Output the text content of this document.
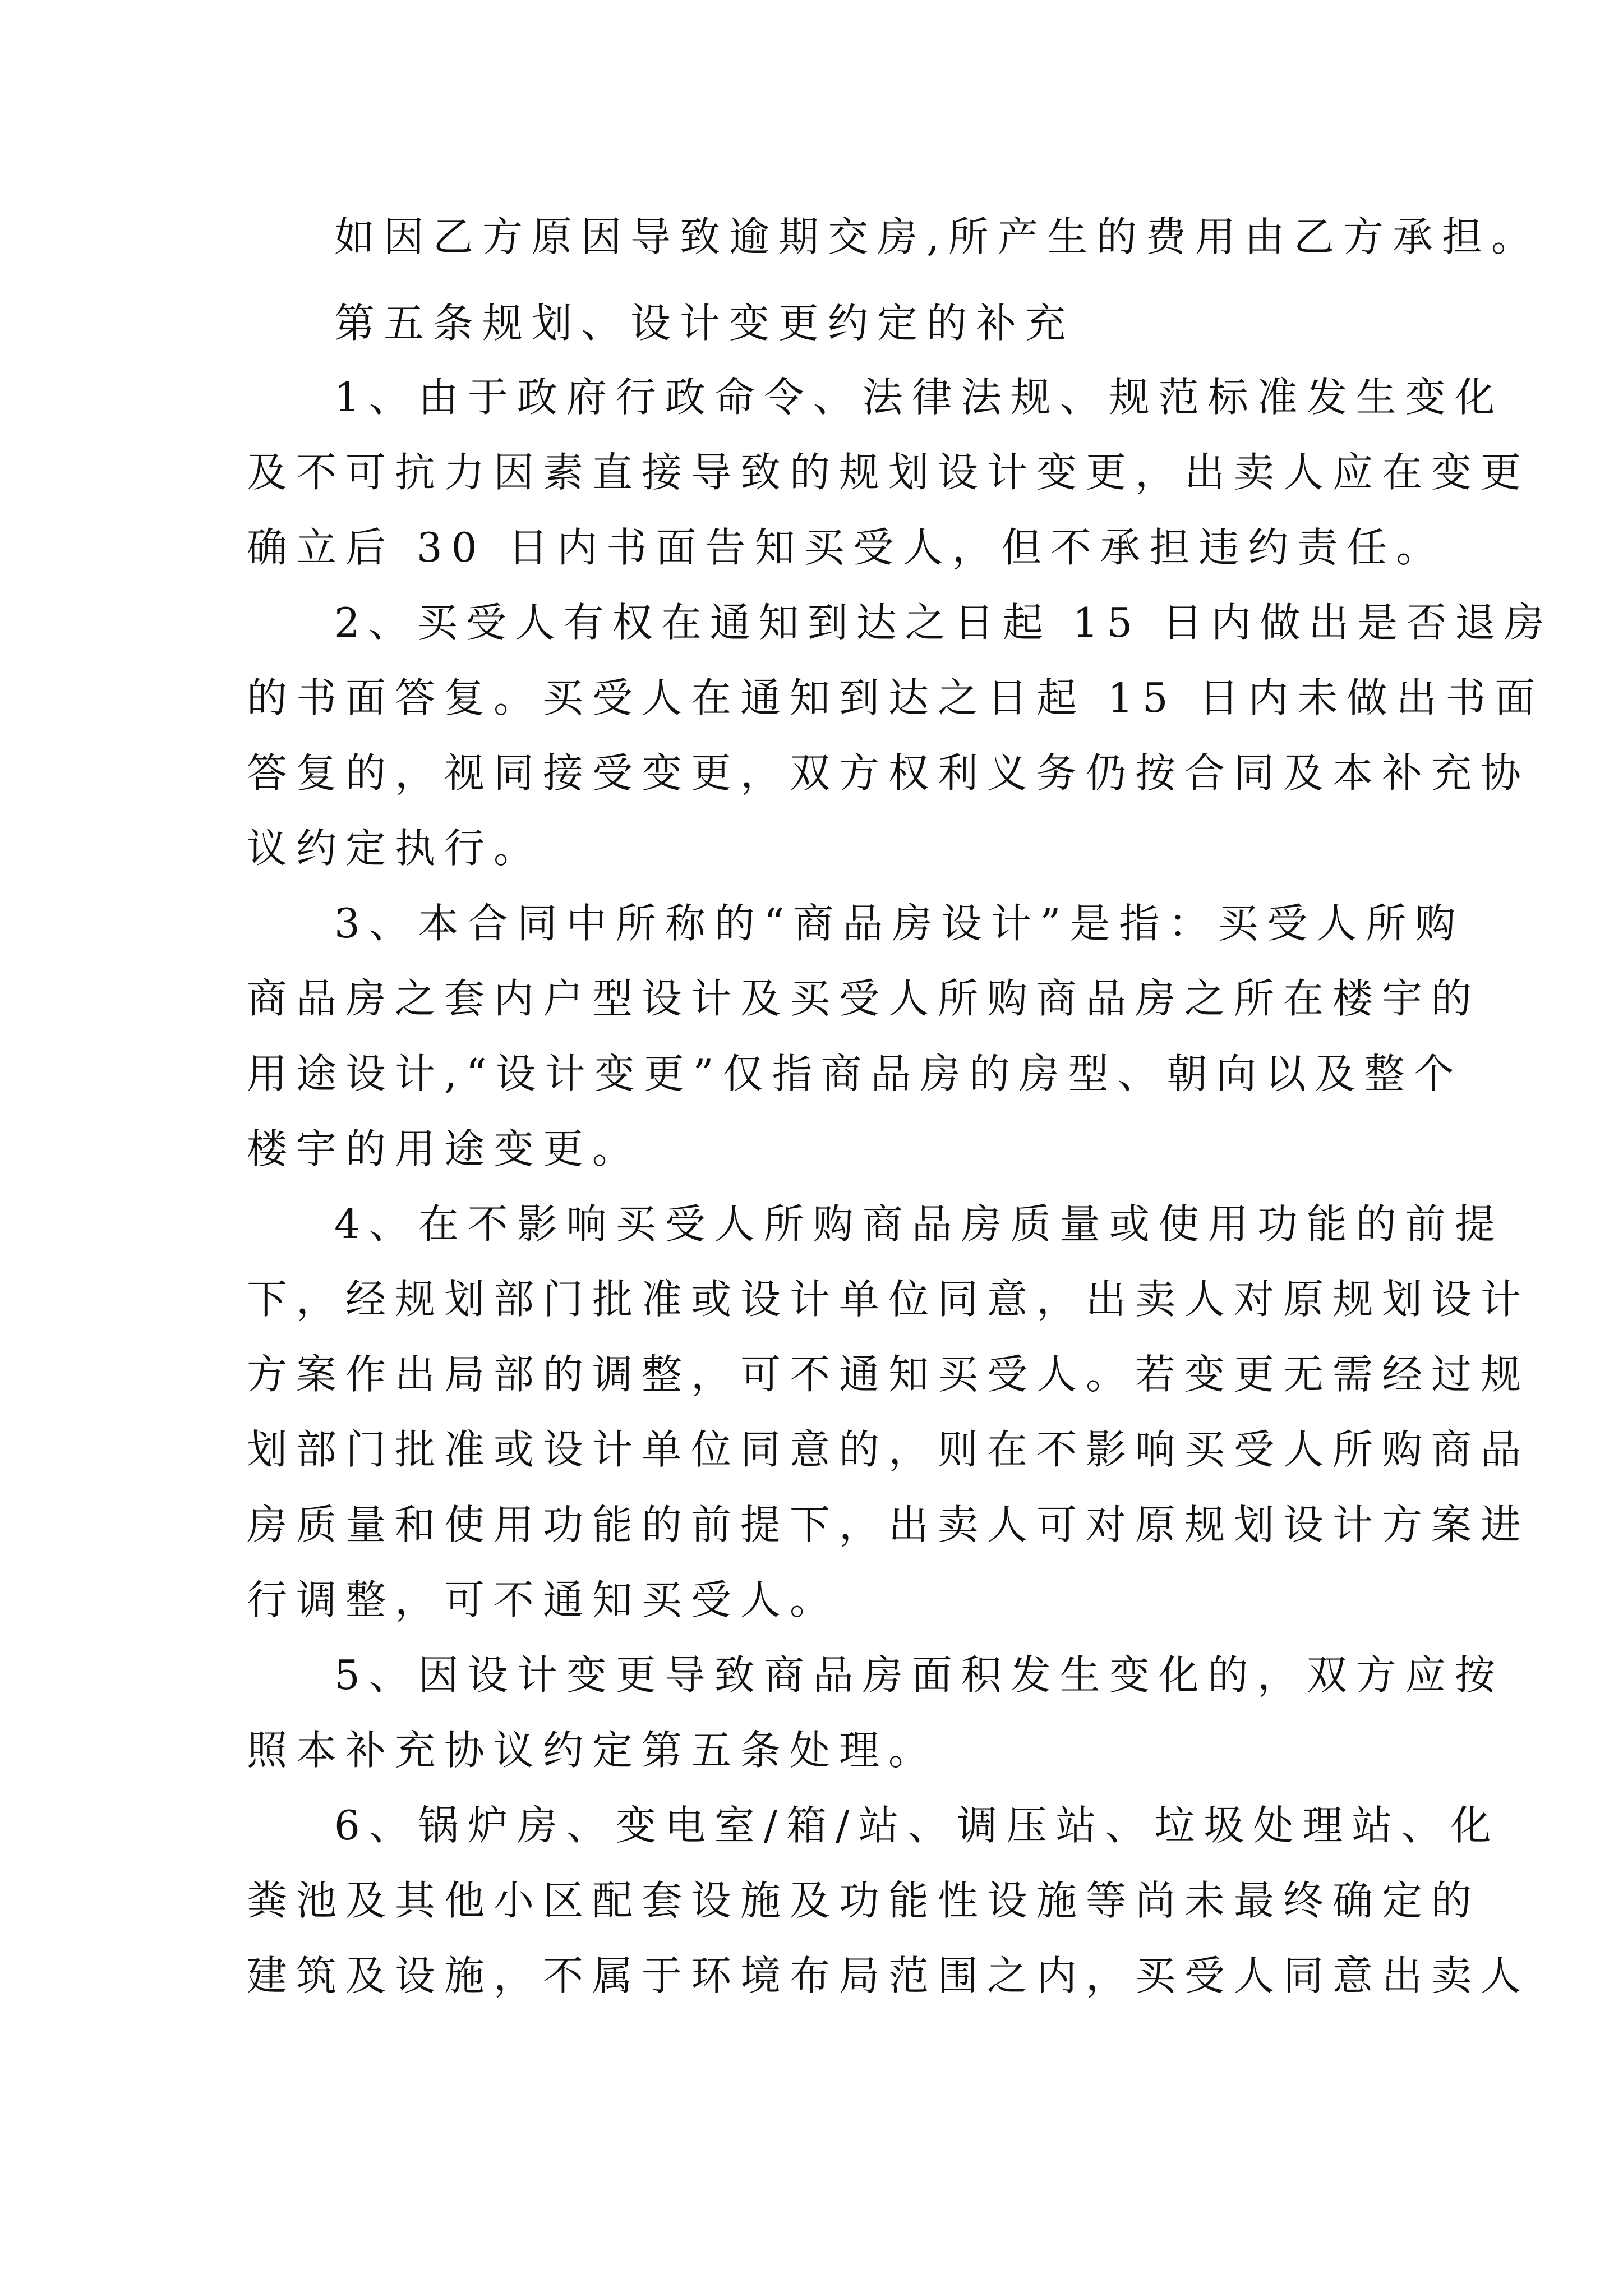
如因乙方原因导致逾期交房,所产生的费用由乙方承担。
第五条规划、设计变更约定的补充
1、由于政府行政命令、法律法规、规范标准发生变化
及不可抗力因素直接导致的规划设计变更，出卖人应在变更
确立后 30 日内书面告知买受人，但不承担违约责任。
2、买受人有权在通知到达之日起 15 日内做出是否退房
的书面答复。买受人在通知到达之日起 15 日内未做出书面
答复的，视同接受变更，双方权利义务仍按合同及本补充协
议约定执行。
3、本合同中所称的“商品房设计”是指：买受人所购
商品房之套内户型设计及买受人所购商品房之所在楼宇的
用途设计,“设计变更”仅指商品房的房型、朝向以及整个
楼宇的用途变更。
4、在不影响买受人所购商品房质量或使用功能的前提
下，经规划部门批准或设计单位同意，出卖人对原规划设计
方案作出局部的调整，可不通知买受人。若变更无需经过规
划部门批准或设计单位同意的，则在不影响买受人所购商品
房质量和使用功能的前提下，出卖人可对原规划设计方案进
行调整，可不通知买受人。
5、因设计变更导致商品房面积发生变化的，双方应按
照本补充协议约定第五条处理。
6、锅炉房、变电室/箱/站、调压站、垃圾处理站、化
粪池及其他小区配套设施及功能性设施等尚未最终确定的
建筑及设施，不属于环境布局范围之内，买受人同意出卖人
